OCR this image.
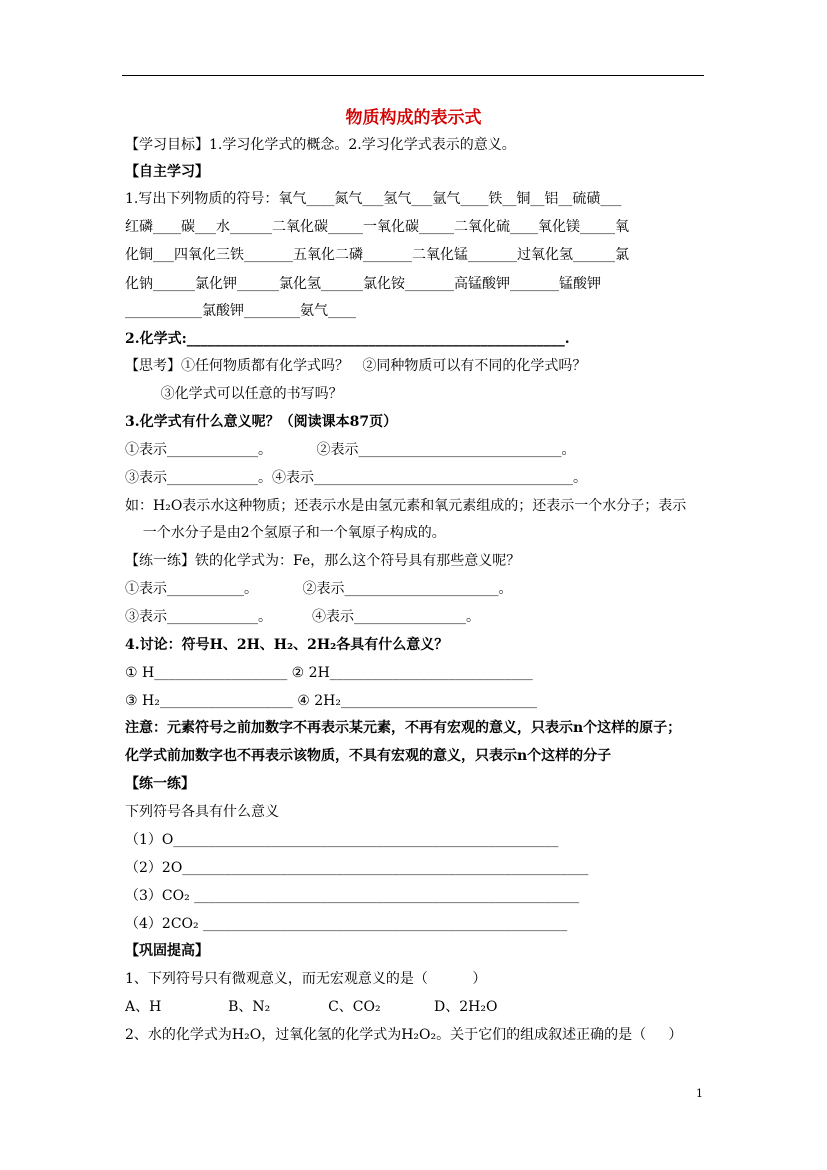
物质构成的表示式
【学习目标】1.学习化学式的概念。2.学习化学式表示的意义。
【自主学习】
1.写出下列物质的符号：氧气____氮气___氢气___氩气____铁__铜__铝__硫磺___
红磷____碳___水______二氧化碳_____一氧化碳_____二氧化硫____氧化镁_____氧
化铜___四氧化三铁_______五氧化二磷_______二氧化锰_______过氧化氢______氯
化钠______氯化钾______氯化氢______氯化铵_______高锰酸钾_______锰酸钾
___________氯酸钾________氨气____
2.化学式:______________________________________________________.
【思考】①任何物质都有化学式吗？   ②同种物质可以有不同的化学式吗？
③化学式可以任意的书写吗？
3.化学式有什么意义呢？（阅读课本87页）
①表示_____________。          ②表示_____________________________。
③表示_____________。④表示_____________________________________。
如：H₂O表示水这种物质；还表示水是由氢元素和氧元素组成的；还表示一个水分子；表示
一个水分子是由2个氢原子和一个氧原子构成的。
【练一练】铁的化学式为：Fe，那么这个符号具有那些意义呢？
①表示___________。          ②表示______________________。
③表示_____________。         ④表示________________。
4.讨论：符号H、2H、H₂、2H₂各具有什么意义？
① H___________________ ② 2H_____________________________
③ H₂___________________ ④ 2H₂____________________________
注意：元素符号之前加数字不再表示某元素，不再有宏观的意义，只表示n个这样的原子；
化学式前加数字也不再表示该物质，不具有宏观的意义，只表示n个这样的分子
【练一练】
下列符号各具有什么意义
（1）O_______________________________________________________
（2）2O__________________________________________________________
（3）CO₂ _______________________________________________________
（4）2CO₂ ____________________________________________________
【巩固提高】
1、下列符号只有微观意义，而无宏观意义的是（          ）
A、H               B、N₂             C、CO₂            D、2H₂O
2、水的化学式为H₂O，过氧化氢的化学式为H₂O₂。关于它们的组成叙述正确的是（     ）
1
